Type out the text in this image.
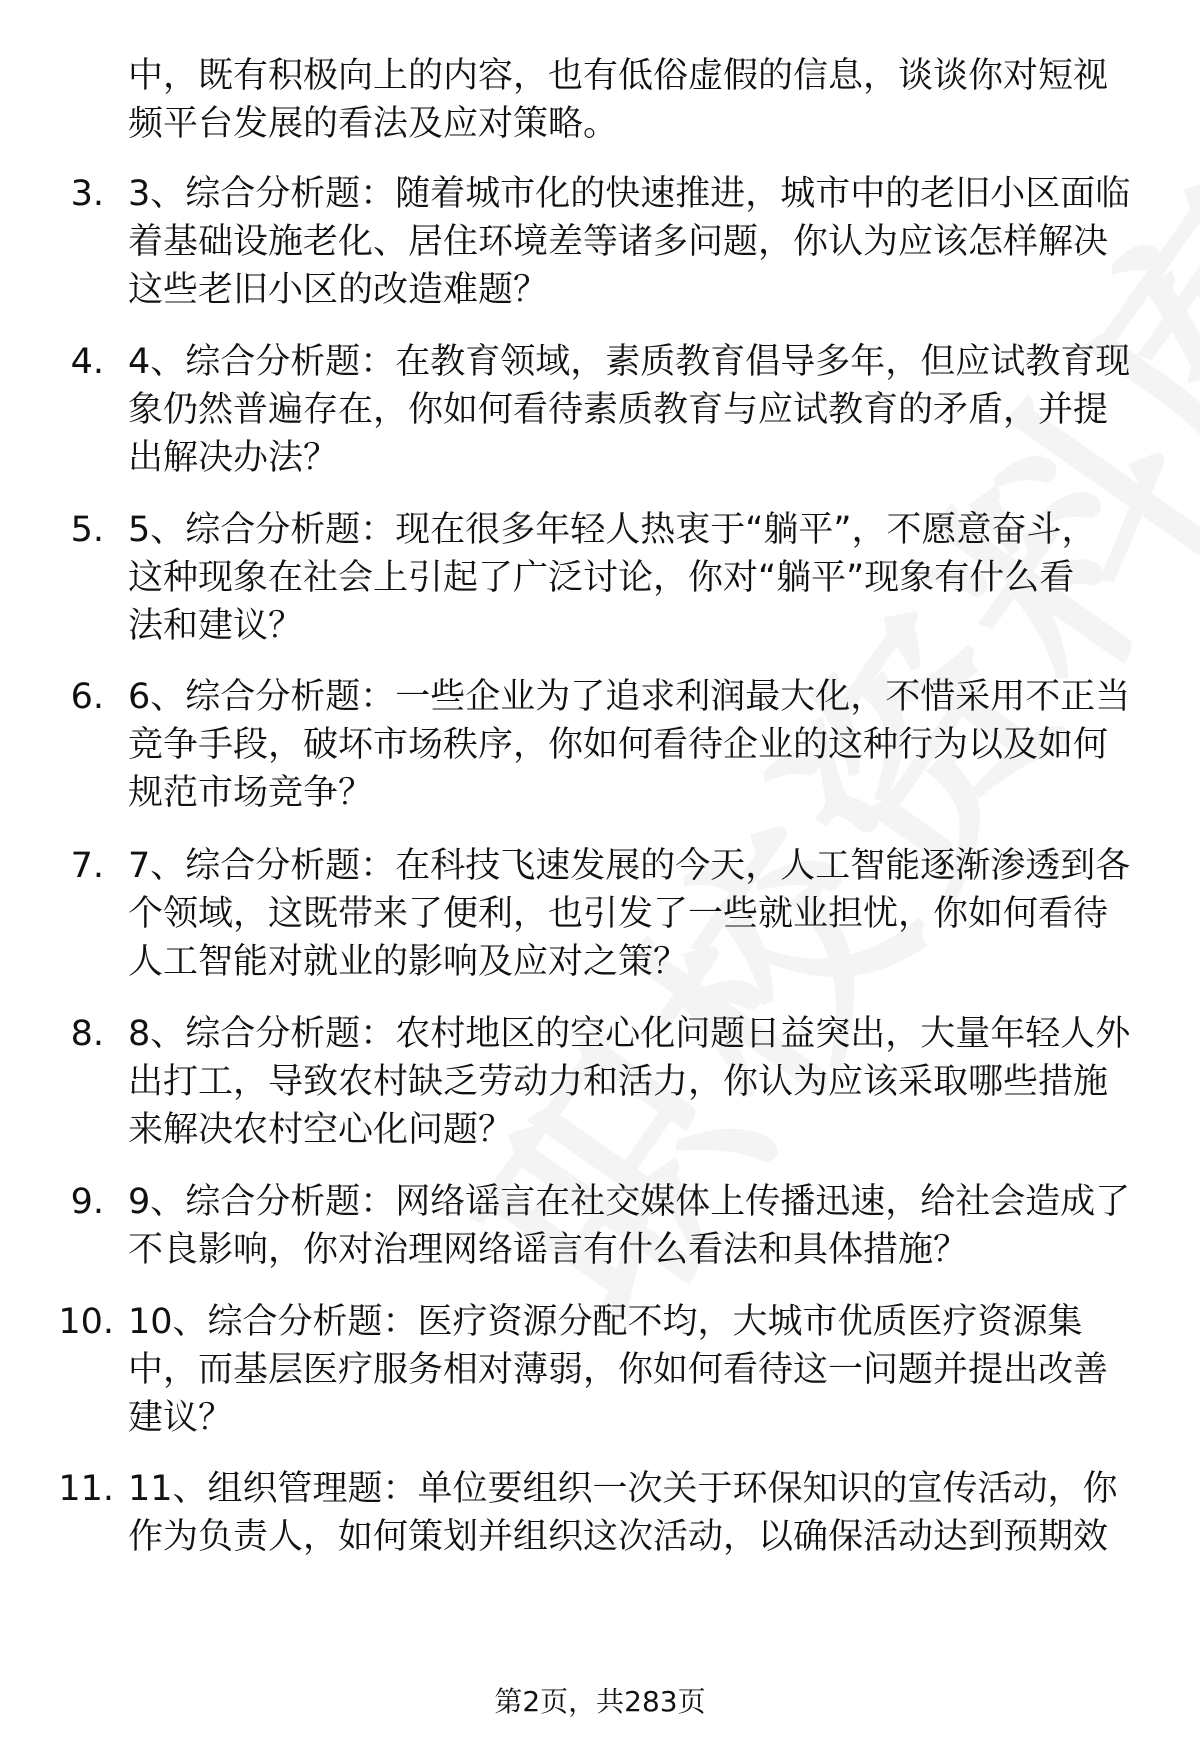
中，既有积极向上的内容，也有低俗虚假的信息，谈谈你对短视
频平台发展的看法及应对策略。
3. 3、综合分析题：随着城市化的快速推进，城市中的老旧小区面临
着基础设施老化、居住环境差等诸多问题，你认为应该怎样解决
这些老旧小区的改造难题？
4. 4、综合分析题：在教育领域，素质教育倡导多年，但应试教育现
象仍然普遍存在，你如何看待素质教育与应试教育的矛盾，并提
出解决办法？
5. 5、综合分析题：现在很多年轻人热衷于“躺平”，不愿意奋斗，
这种现象在社会上引起了广泛讨论，你对“躺平”现象有什么看
法和建议？
6. 6、综合分析题：一些企业为了追求利润最大化，不惜采用不正当
竞争手段，破坏市场秩序，你如何看待企业的这种行为以及如何
规范市场竞争？
7. 7、综合分析题：在科技飞速发展的今天，人工智能逐渐渗透到各
个领域，这既带来了便利，也引发了一些就业担忧，你如何看待
人工智能对就业的影响及应对之策？
8. 8、综合分析题：农村地区的空心化问题日益突出，大量年轻人外
出打工，导致农村缺乏劳动力和活力，你认为应该采取哪些措施
来解决农村空心化问题？
9. 9、综合分析题：网络谣言在社交媒体上传播迅速，给社会造成了
不良影响，你对治理网络谣言有什么看法和具体措施？
10. 10、综合分析题：医疗资源分配不均，大城市优质医疗资源集
中，而基层医疗服务相对薄弱，你如何看待这一问题并提出改善
建议？
11. 11、组织管理题：单位要组织一次关于环保知识的宣传活动，你
作为负责人，如何策划并组织这次活动，以确保活动达到预期效
第2页，共283页
